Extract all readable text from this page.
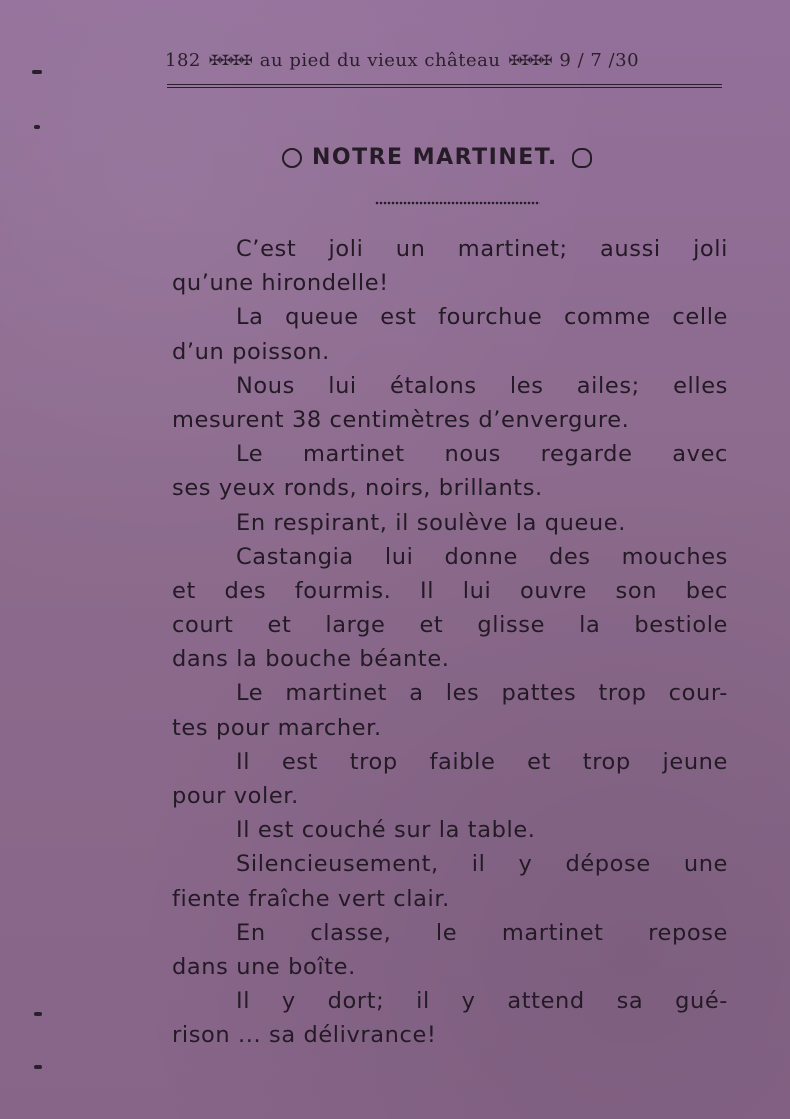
182 ✠✠✠✠ au pied du vieux château ✠✠✠✠ 9 / 7 /30
NOTRE MARTINET.
C’est joli un martinet; aussi joli
qu’une hirondelle!
La queue est fourchue comme celle
d’un poisson.
Nous lui étalons les ailes; elles
mesurent 38 centimètres d’envergure.
Le martinet nous regarde avec
ses yeux ronds, noirs, brillants.
En respirant, il soulève la queue.
Castangia lui donne des mouches
et des fourmis. Il lui ouvre son bec
court et large et glisse la bestiole
dans la bouche béante.
Le martinet a les pattes trop cour-
tes pour marcher.
Il est trop faible et trop jeune
pour voler.
Il est couché sur la table.
Silencieusement, il y dépose une
fiente fraîche vert clair.
En classe, le martinet repose
dans une boîte.
Il y dort; il y attend sa gué-
rison ... sa délivrance!
